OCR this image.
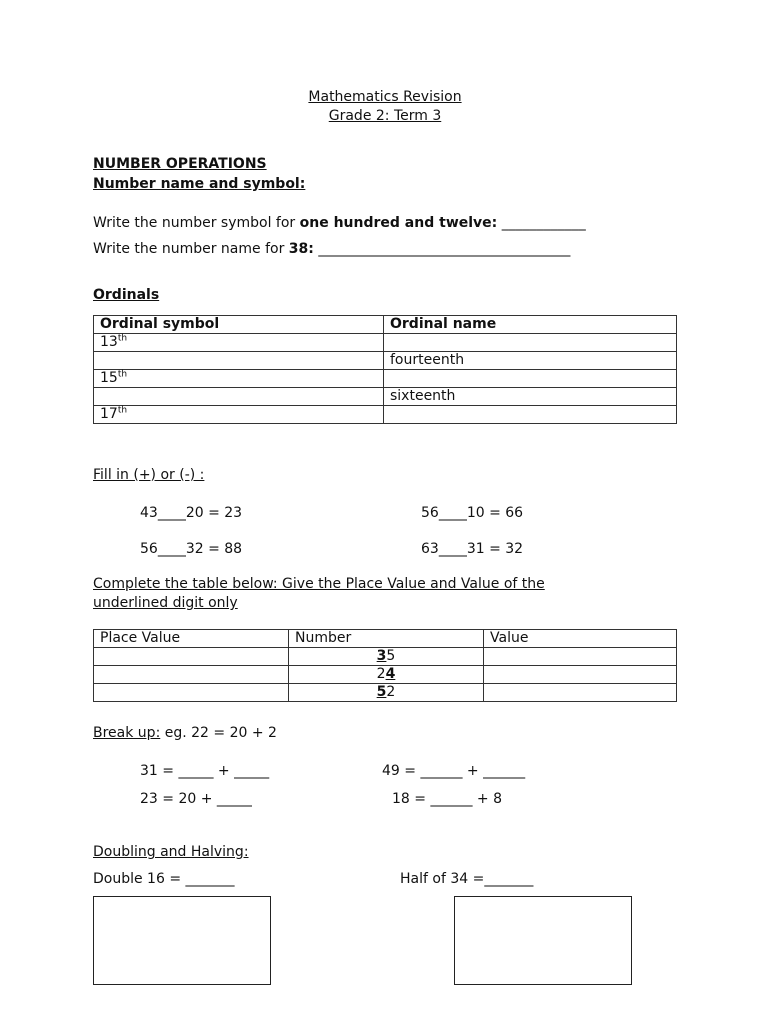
Mathematics Revision
Grade 2: Term 3
NUMBER OPERATIONS
Number name and symbol:
Write the number symbol for one hundred and twelve: ____________
Write the number name for 38: ____________________________________
Ordinals
Ordinal symbol	Ordinal name
13th	
	fourteenth
15th	
	sixteenth
17th	
Fill in (+) or (-) :
43____20 = 23	56____10 = 66
56____32 = 88	63____31 = 32
Complete the table below: Give the Place Value and Value of the
underlined digit only
Place Value	Number	Value
	35	
	24	
	52	
Break up: eg. 22 = 20 + 2
31 = _____ + _____	49 = ______ + ______
23 = 20 + _____	18 = ______ + 8
Doubling and Halving:
Double 16 = _______	Half of 34 =_______
